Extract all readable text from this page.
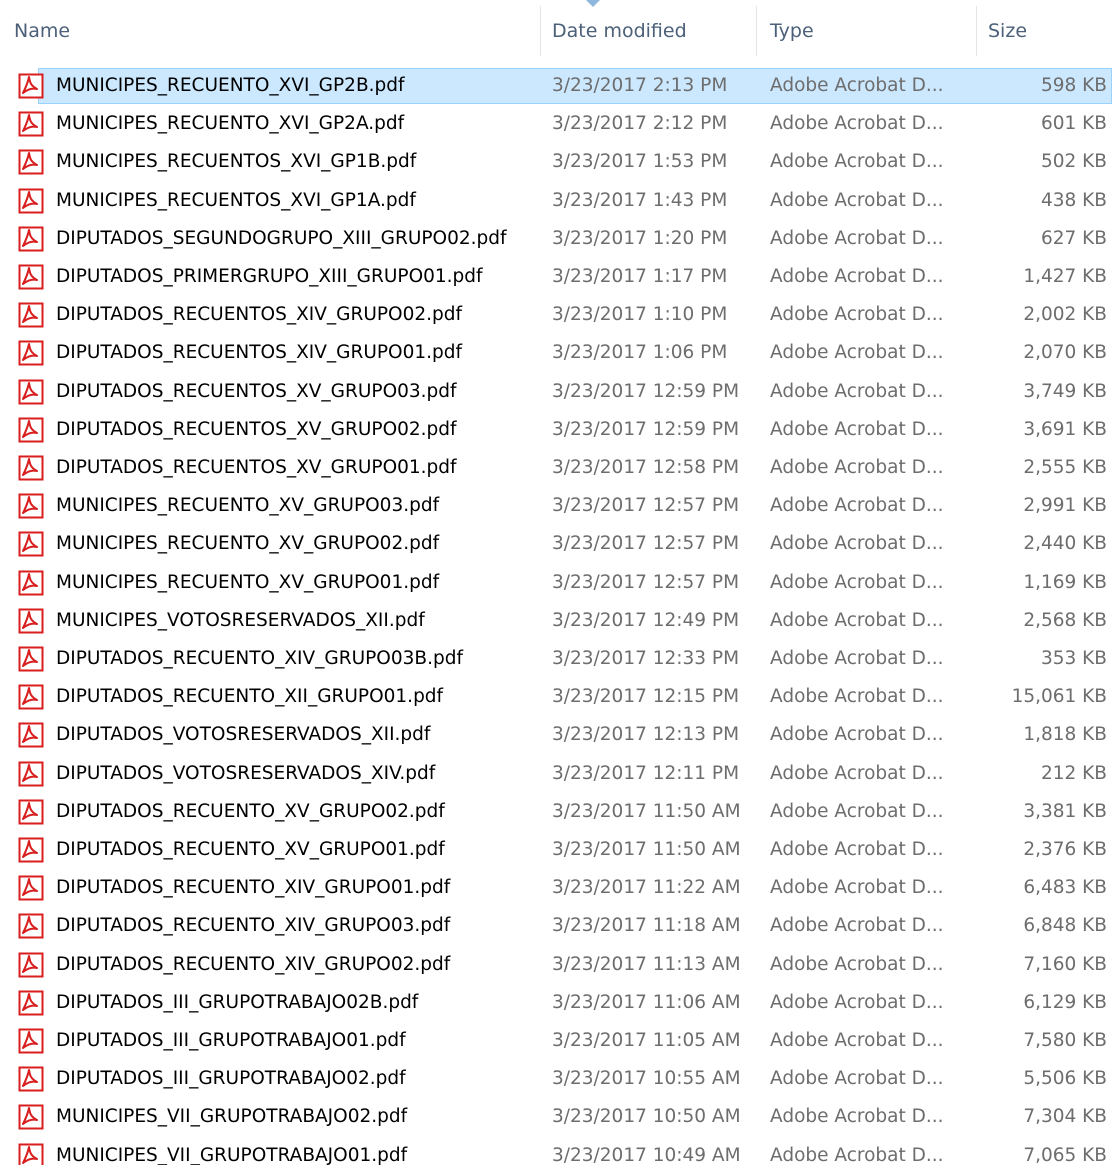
Name	Date modified	Type	Size
MUNICIPES_RECUENTO_XVI_GP2B.pdf	3/23/2017 2:13 PM	Adobe Acrobat D...	598 KB
MUNICIPES_RECUENTO_XVI_GP2A.pdf	3/23/2017 2:12 PM	Adobe Acrobat D...	601 KB
MUNICIPES_RECUENTOS_XVI_GP1B.pdf	3/23/2017 1:53 PM	Adobe Acrobat D...	502 KB
MUNICIPES_RECUENTOS_XVI_GP1A.pdf	3/23/2017 1:43 PM	Adobe Acrobat D...	438 KB
DIPUTADOS_SEGUNDOGRUPO_XIII_GRUPO02.pdf	3/23/2017 1:20 PM	Adobe Acrobat D...	627 KB
DIPUTADOS_PRIMERGRUPO_XIII_GRUPO01.pdf	3/23/2017 1:17 PM	Adobe Acrobat D...	1,427 KB
DIPUTADOS_RECUENTOS_XIV_GRUPO02.pdf	3/23/2017 1:10 PM	Adobe Acrobat D...	2,002 KB
DIPUTADOS_RECUENTOS_XIV_GRUPO01.pdf	3/23/2017 1:06 PM	Adobe Acrobat D...	2,070 KB
DIPUTADOS_RECUENTOS_XV_GRUPO03.pdf	3/23/2017 12:59 PM	Adobe Acrobat D...	3,749 KB
DIPUTADOS_RECUENTOS_XV_GRUPO02.pdf	3/23/2017 12:59 PM	Adobe Acrobat D...	3,691 KB
DIPUTADOS_RECUENTOS_XV_GRUPO01.pdf	3/23/2017 12:58 PM	Adobe Acrobat D...	2,555 KB
MUNICIPES_RECUENTO_XV_GRUPO03.pdf	3/23/2017 12:57 PM	Adobe Acrobat D...	2,991 KB
MUNICIPES_RECUENTO_XV_GRUPO02.pdf	3/23/2017 12:57 PM	Adobe Acrobat D...	2,440 KB
MUNICIPES_RECUENTO_XV_GRUPO01.pdf	3/23/2017 12:57 PM	Adobe Acrobat D...	1,169 KB
MUNICIPES_VOTOSRESERVADOS_XII.pdf	3/23/2017 12:49 PM	Adobe Acrobat D...	2,568 KB
DIPUTADOS_RECUENTO_XIV_GRUPO03B.pdf	3/23/2017 12:33 PM	Adobe Acrobat D...	353 KB
DIPUTADOS_RECUENTO_XII_GRUPO01.pdf	3/23/2017 12:15 PM	Adobe Acrobat D...	15,061 KB
DIPUTADOS_VOTOSRESERVADOS_XII.pdf	3/23/2017 12:13 PM	Adobe Acrobat D...	1,818 KB
DIPUTADOS_VOTOSRESERVADOS_XIV.pdf	3/23/2017 12:11 PM	Adobe Acrobat D...	212 KB
DIPUTADOS_RECUENTO_XV_GRUPO02.pdf	3/23/2017 11:50 AM	Adobe Acrobat D...	3,381 KB
DIPUTADOS_RECUENTO_XV_GRUPO01.pdf	3/23/2017 11:50 AM	Adobe Acrobat D...	2,376 KB
DIPUTADOS_RECUENTO_XIV_GRUPO01.pdf	3/23/2017 11:22 AM	Adobe Acrobat D...	6,483 KB
DIPUTADOS_RECUENTO_XIV_GRUPO03.pdf	3/23/2017 11:18 AM	Adobe Acrobat D...	6,848 KB
DIPUTADOS_RECUENTO_XIV_GRUPO02.pdf	3/23/2017 11:13 AM	Adobe Acrobat D...	7,160 KB
DIPUTADOS_III_GRUPOTRABAJO02B.pdf	3/23/2017 11:06 AM	Adobe Acrobat D...	6,129 KB
DIPUTADOS_III_GRUPOTRABAJO01.pdf	3/23/2017 11:05 AM	Adobe Acrobat D...	7,580 KB
DIPUTADOS_III_GRUPOTRABAJO02.pdf	3/23/2017 10:55 AM	Adobe Acrobat D...	5,506 KB
MUNICIPES_VII_GRUPOTRABAJO02.pdf	3/23/2017 10:50 AM	Adobe Acrobat D...	7,304 KB
MUNICIPES_VII_GRUPOTRABAJO01.pdf	3/23/2017 10:49 AM	Adobe Acrobat D...	7,065 KB
